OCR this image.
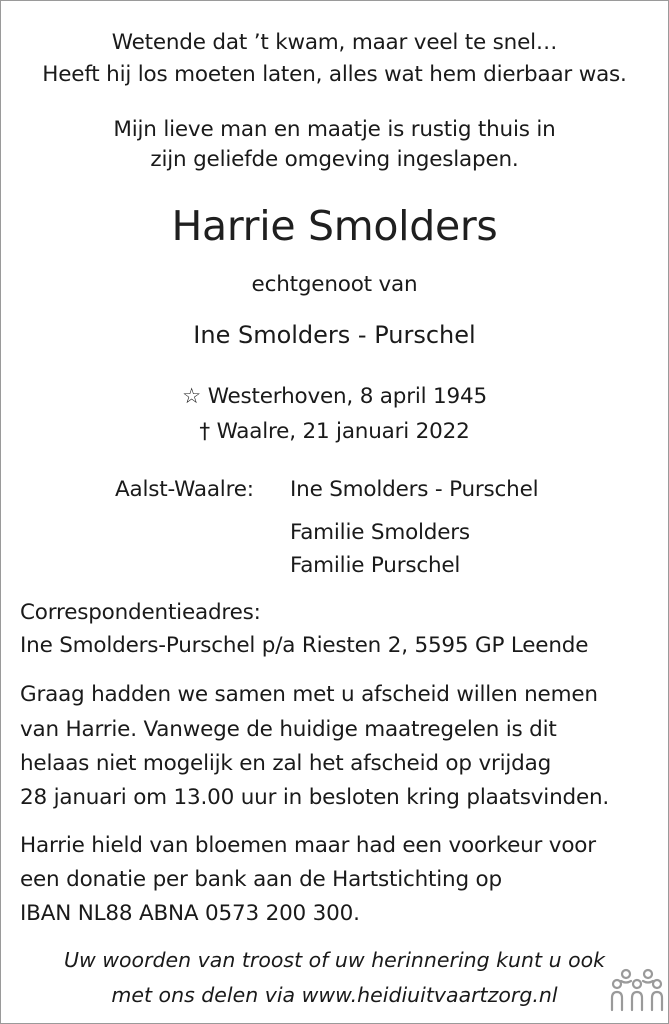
Wetende dat ’t kwam, maar veel te snel…
Heeft hij los moeten laten, alles wat hem dierbaar was.
Mijn lieve man en maatje is rustig thuis in
zijn geliefde omgeving ingeslapen.
Harrie Smolders
echtgenoot van
Ine Smolders - Purschel
☆ Westerhoven, 8 april 1945
† Waalre, 21 januari 2022
Aalst-Waalre: Ine Smolders - Purschel
Familie Smolders
Familie Purschel
Correspondentieadres:
Ine Smolders-Purschel p/a Riesten 2, 5595 GP Leende
Graag hadden we samen met u afscheid willen nemen
van Harrie. Vanwege de huidige maatregelen is dit
helaas niet mogelijk en zal het afscheid op vrijdag
28 januari om 13.00 uur in besloten kring plaatsvinden.
Harrie hield van bloemen maar had een voorkeur voor
een donatie per bank aan de Hartstichting op
IBAN NL88 ABNA 0573 200 300.
Uw woorden van troost of uw herinnering kunt u ook
met ons delen via www.heidiuitvaartzorg.nl
